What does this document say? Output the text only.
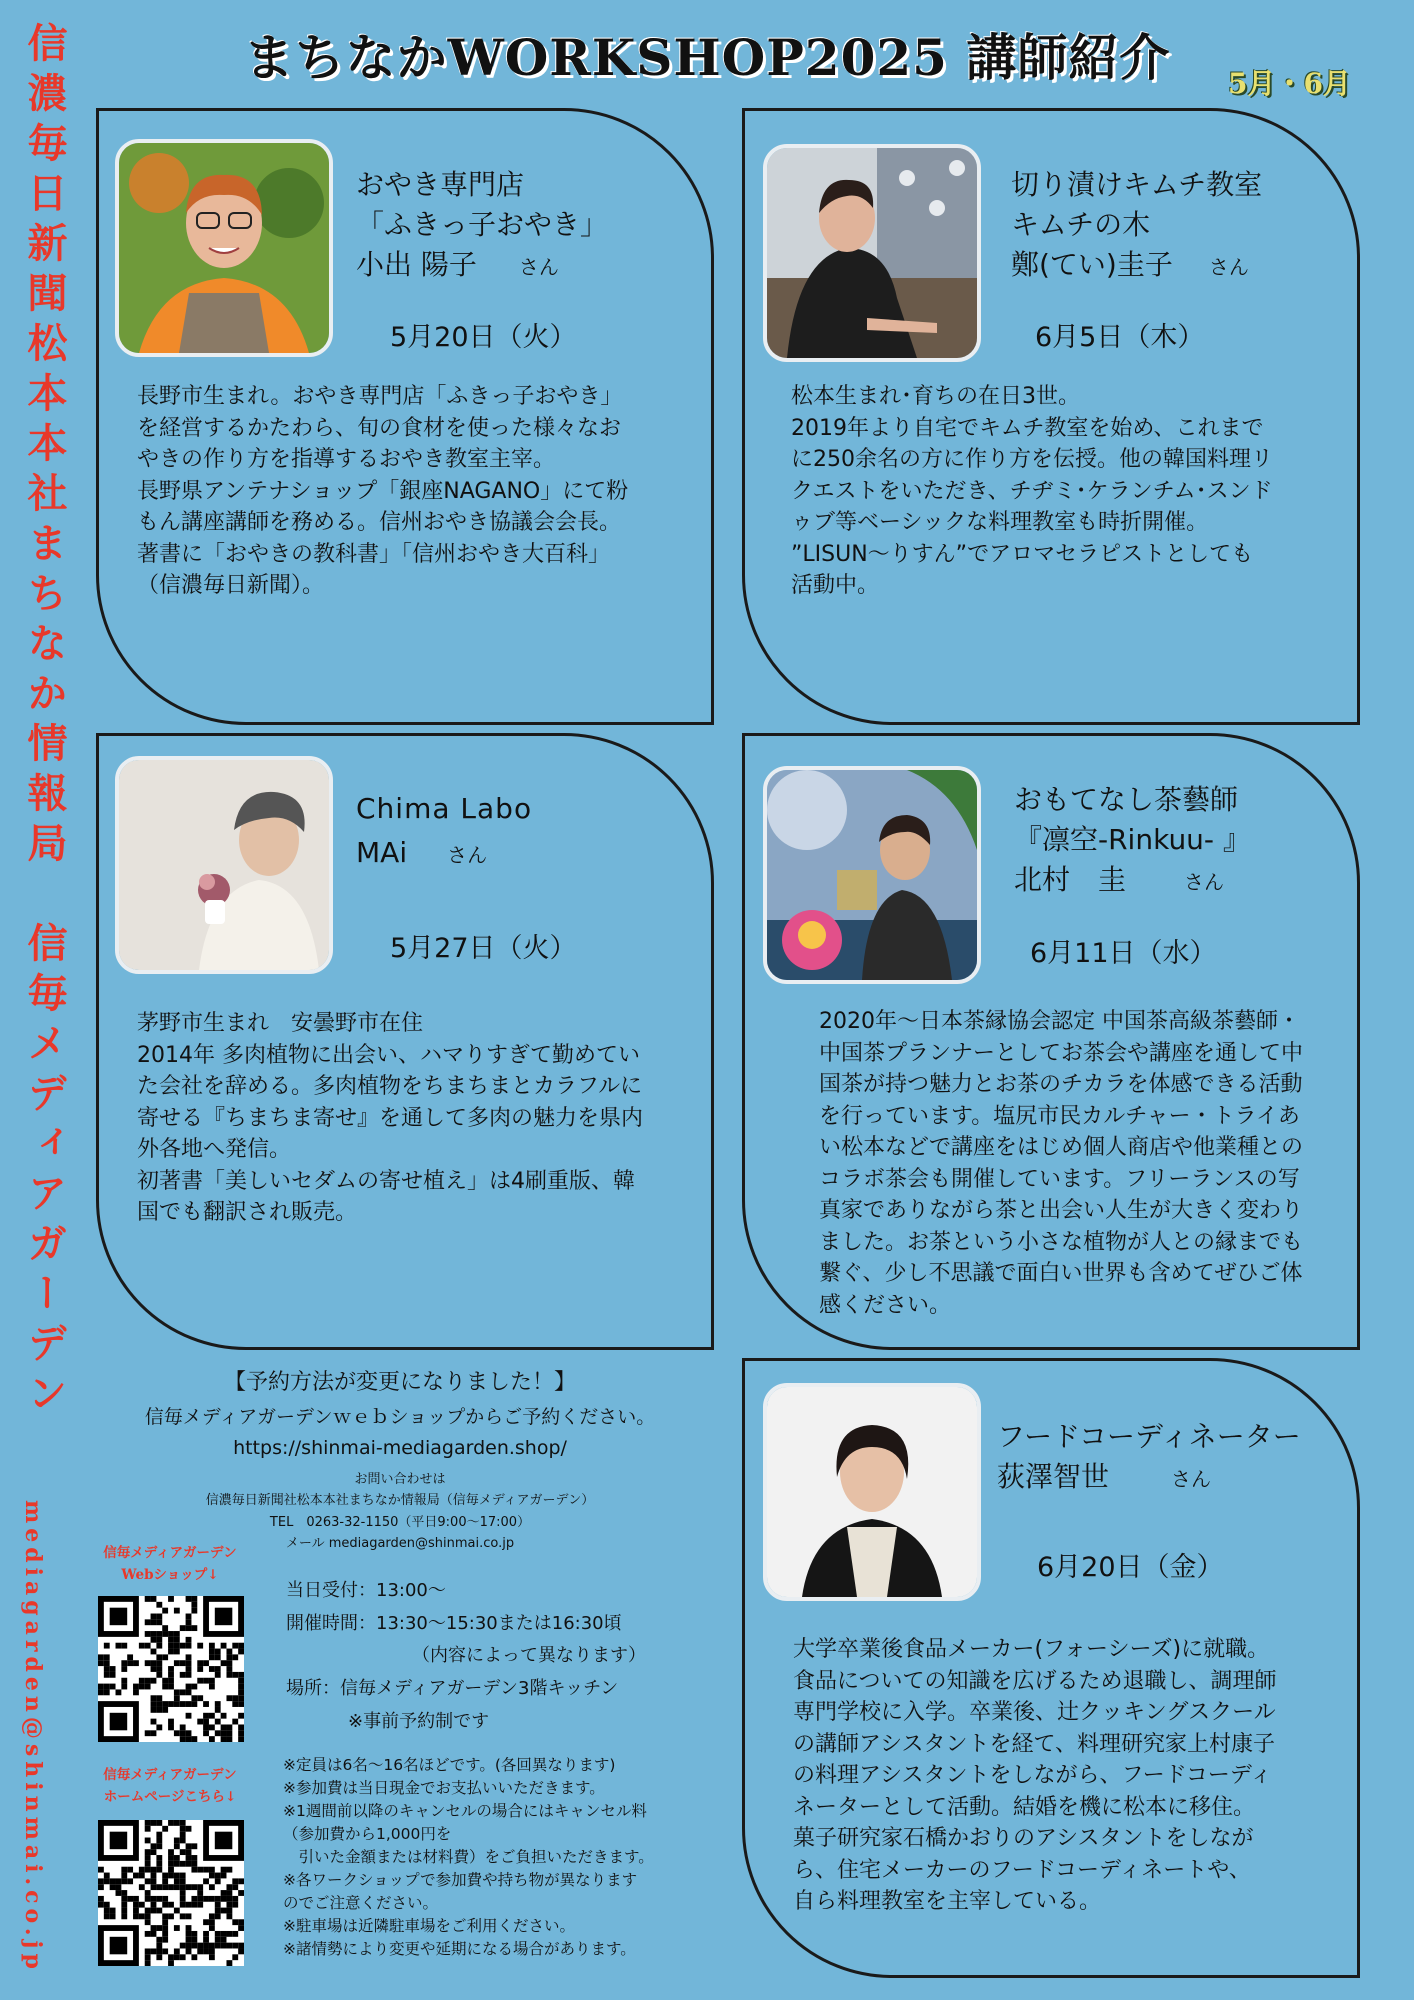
まちなかWORKSHOP2025 講師紹介	5月・6月
信濃毎日新聞松本本社まちなか情報局　信毎メディアガーデン
mediagarden@shinmai.co.jp
おやき専門店
「ふきっ子おやき」
小出 陽子 さん
5月20日（火）
長野市生まれ。おやき専門店「ふきっ子おやき」
を経営するかたわら、旬の食材を使った様々なお
やきの作り方を指導するおやき教室主宰。
長野県アンテナショップ「銀座NAGANO」にて粉
もん講座講師を務める。信州おやき協議会会長。
著書に「おやきの教科書」「信州おやき大百科」
（信濃毎日新聞）。
切り漬けキムチ教室
キムチの木
鄭(てい)圭子 さん
6月5日（木）
松本生まれ･育ちの在日3世。
2019年より自宅でキムチ教室を始め、これまで
に250余名の方に作り方を伝授。他の韓国料理リ
クエストをいただき、チヂミ･ケランチム･スンド
ゥブ等ベーシックな料理教室も時折開催。
”LISUN～りすん”でアロマセラピストとしても
活動中。
Chima Labo
MAi さん
5月27日（火）
茅野市生まれ　安曇野市在住
2014年 多肉植物に出会い、ハマりすぎて勤めてい
た会社を辞める。多肉植物をちまちまとカラフルに
寄せる『ちまちま寄せ』を通して多肉の魅力を県内
外各地へ発信。
初著書「美しいセダムの寄せ植え」は4刷重版、韓
国でも翻訳され販売。
おもてなし茶藝師
『凛空-Rinkuu- 』
北村　圭	さん
6月11日（水）
2020年～日本茶縁協会認定 中国茶高級茶藝師・
中国茶プランナーとしてお茶会や講座を通して中
国茶が持つ魅力とお茶のチカラを体感できる活動
を行っています。塩尻市民カルチャー・トライあ
い松本などで講座をはじめ個人商店や他業種との
コラボ茶会も開催しています。フリーランスの写
真家でありながら茶と出会い人生が大きく変わり
ました。お茶という小さな植物が人との縁までも
繋ぐ、少し不思議で面白い世界も含めてぜひご体
感ください。
フードコーディネーター
荻澤智世	さん
6月20日（金）
大学卒業後食品メーカー(フォーシーズ)に就職。
食品についての知識を広げるため退職し、調理師
専門学校に入学。卒業後、辻クッキングスクール
の講師アシスタントを経て、料理研究家上村康子
の料理アシスタントをしながら、フードコーディ
ネーターとして活動。結婚を機に松本に移住。
菓子研究家石橋かおりのアシスタントをしなが
ら、住宅メーカーのフードコーディネートや、
自ら料理教室を主宰している。
【予約方法が変更になりました！】
信毎メディアガーデンｗｅｂショップからご予約ください。
https://shinmai-mediagarden.shop/
お問い合わせは
信濃毎日新聞社松本本社まちなか情報局（信毎メディアガーデン）
TEL　0263-32-1150（平日9:00～17:00）
メール mediagarden@shinmai.co.jp
信毎メディアガーデン
Webショップ↓
信毎メディアガーデン
ホームページこちら↓
当日受付：13:00～
開催時間：13:30～15:30または16:30頃
（内容によって異なります）
場所：信毎メディアガーデン3階キッチン
※事前予約制です
※定員は6名～16名ほどです。(各回異なります)
※参加費は当日現金でお支払いいただきます。
※1週間前以降のキャンセルの場合にはキャンセル料
（参加費から1,000円を
　引いた金額または材料費）をご負担いただきます。
※各ワークショップで参加費や持ち物が異なります
のでご注意ください。
※駐車場は近隣駐車場をご利用ください。
※諸情勢により変更や延期になる場合があります。
